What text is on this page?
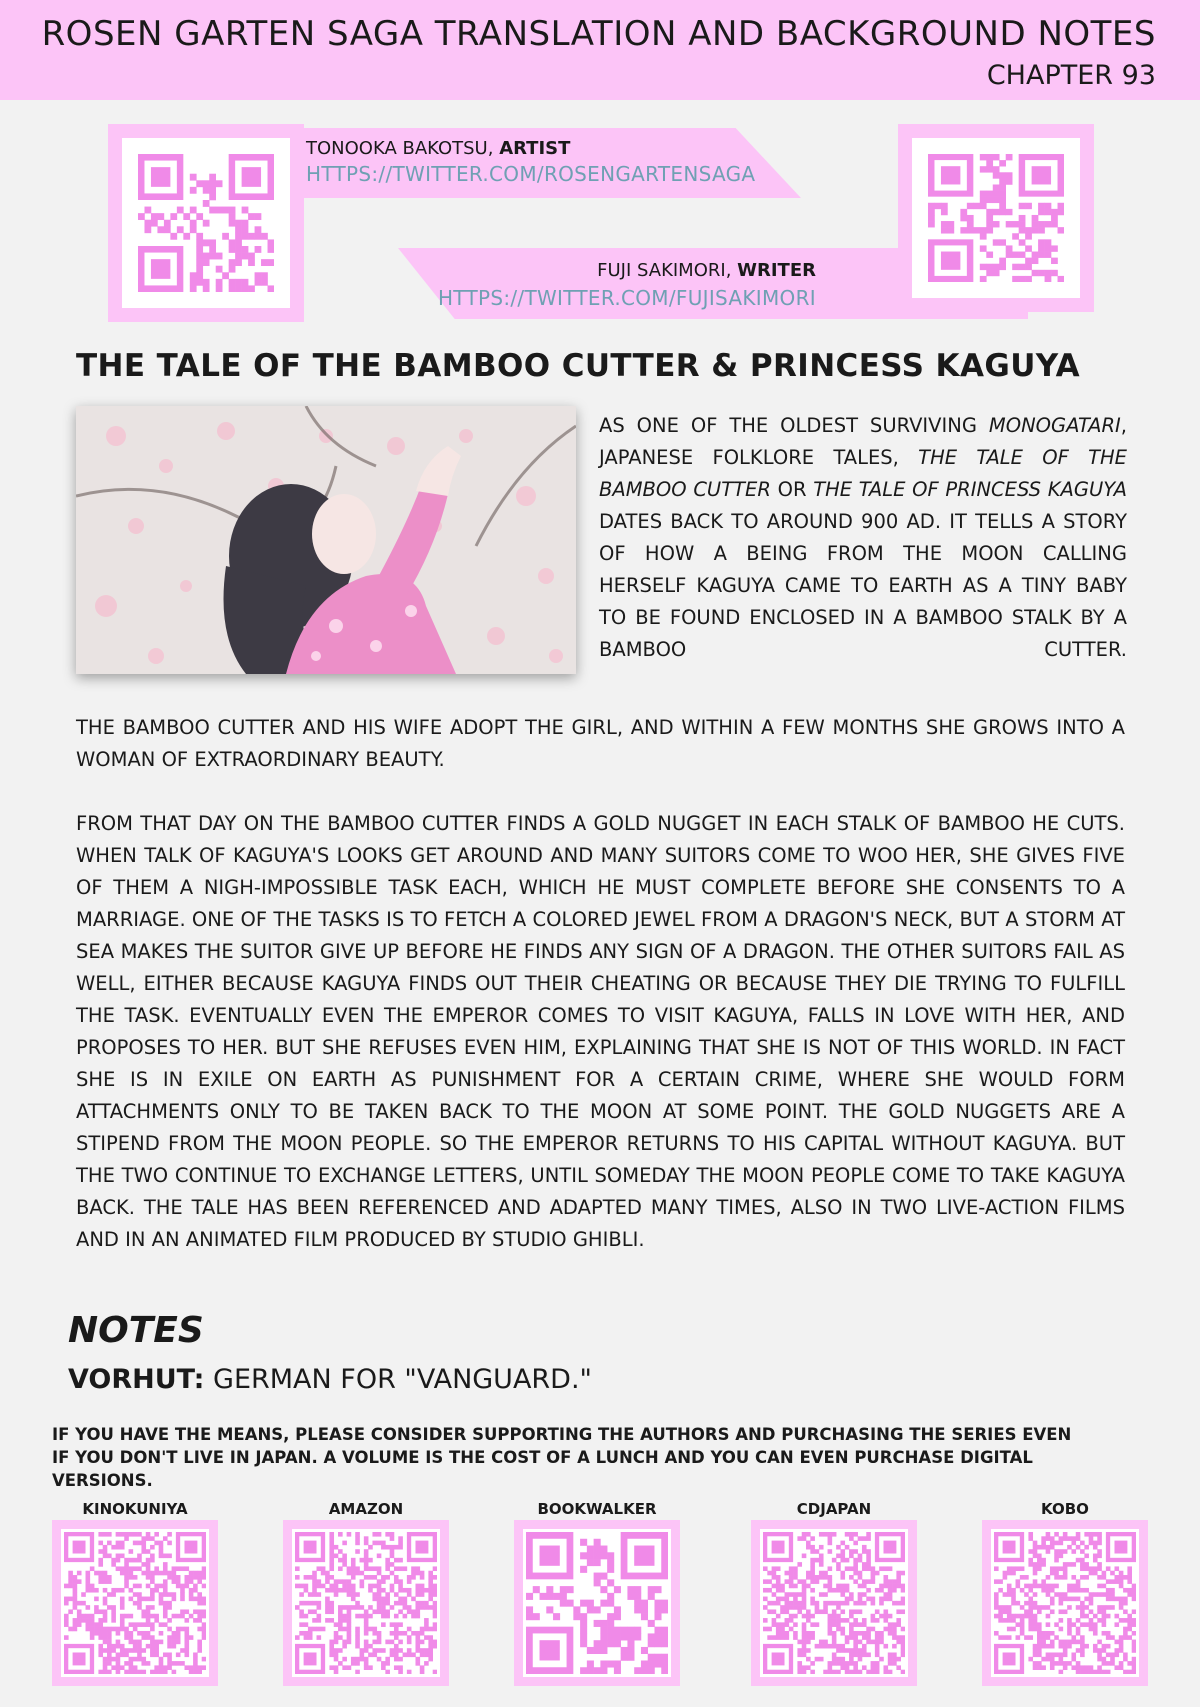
ROSEN GARTEN SAGA TRANSLATION AND BACKGROUND NOTES
CHAPTER 93
TONOOKA BAKOTSU, ARTIST
HTTPS://TWITTER.COM/ROSENGARTENSAGA
FUJI SAKIMORI, WRITER
HTTPS://TWITTER.COM/FUJISAKIMORI
THE TALE OF THE BAMBOO CUTTER & PRINCESS KAGUYA
AS ONE OF THE OLDEST SURVIVING MONOGATARI, JAPANESE FOLKLORE TALES, THE TALE OF THE BAMBOO CUTTER OR THE TALE OF PRINCESS KAGUYA DATES BACK TO AROUND 900 AD. IT TELLS A STORY OF HOW A BEING FROM THE MOON CALLING HERSELF KAGUYA CAME TO EARTH AS A TINY BABY TO BE FOUND ENCLOSED IN A BAMBOO STALK BY A BAMBOO CUTTER.
THE BAMBOO CUTTER AND HIS WIFE ADOPT THE GIRL, AND WITHIN A FEW MONTHS SHE GROWS INTO A WOMAN OF EXTRAORDINARY BEAUTY.
FROM THAT DAY ON THE BAMBOO CUTTER FINDS A GOLD NUGGET IN EACH STALK OF BAMBOO HE CUTS. WHEN TALK OF KAGUYA'S LOOKS GET AROUND AND MANY SUITORS COME TO WOO HER, SHE GIVES FIVE OF THEM A NIGH-IMPOSSIBLE TASK EACH, WHICH HE MUST COMPLETE BEFORE SHE CONSENTS TO A MARRIAGE. ONE OF THE TASKS IS TO FETCH A COLORED JEWEL FROM A DRAGON'S NECK, BUT A STORM AT SEA MAKES THE SUITOR GIVE UP BEFORE HE FINDS ANY SIGN OF A DRAGON. THE OTHER SUITORS FAIL AS WELL, EITHER BECAUSE KAGUYA FINDS OUT THEIR CHEATING OR BECAUSE THEY DIE TRYING TO FULFILL THE TASK. EVENTUALLY EVEN THE EMPEROR COMES TO VISIT KAGUYA, FALLS IN LOVE WITH HER, AND PROPOSES TO HER. BUT SHE REFUSES EVEN HIM, EXPLAINING THAT SHE IS NOT OF THIS WORLD. IN FACT SHE IS IN EXILE ON EARTH AS PUNISHMENT FOR A CERTAIN CRIME, WHERE SHE WOULD FORM ATTACHMENTS ONLY TO BE TAKEN BACK TO THE MOON AT SOME POINT. THE GOLD NUGGETS ARE A STIPEND FROM THE MOON PEOPLE. SO THE EMPEROR RETURNS TO HIS CAPITAL WITHOUT KAGUYA. BUT THE TWO CONTINUE TO EXCHANGE LETTERS, UNTIL SOMEDAY THE MOON PEOPLE COME TO TAKE KAGUYA BACK. THE TALE HAS BEEN REFERENCED AND ADAPTED MANY TIMES, ALSO IN TWO LIVE-ACTION FILMS AND IN AN ANIMATED FILM PRODUCED BY STUDIO GHIBLI.
NOTES
VORHUT: GERMAN FOR "VANGUARD."
IF YOU HAVE THE MEANS, PLEASE CONSIDER SUPPORTING THE AUTHORS AND PURCHASING THE SERIES EVEN IF YOU DON'T LIVE IN JAPAN. A VOLUME IS THE COST OF A LUNCH AND YOU CAN EVEN PURCHASE DIGITAL VERSIONS.
KINOKUNIYA	AMAZON	BOOKWALKER	CDJAPAN	KOBO
